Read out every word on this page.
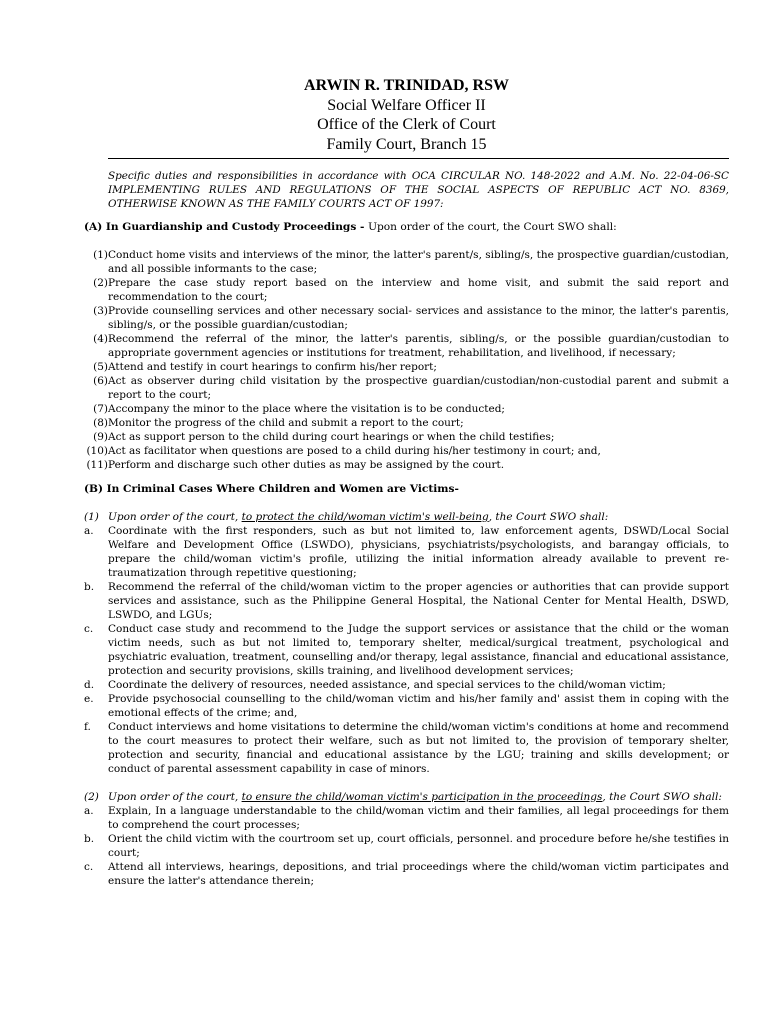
ARWIN R. TRINIDAD, RSW
Social Welfare Officer II
Office of the Clerk of Court
Family Court, Branch 15
Specific duties and responsibilities in accordance with OCA CIRCULAR NO. 148-2022 and A.M. No. 22-04-06-SC IMPLEMENTING RULES AND REGULATIONS OF THE SOCIAL ASPECTS OF REPUBLIC ACT NO. 8369, OTHERWISE KNOWN AS THE FAMILY COURTS ACT OF 1997:
(A) In Guardianship and Custody Proceedings - Upon order of the court, the Court SWO shall:
(1) Conduct home visits and interviews of the minor, the latter's parent/s, sibling/s, the prospective guardian/custodian, and all possible informants to the case;
(2) Prepare the case study report based on the interview and home visit, and submit the said report and recommendation to the court;
(3) Provide counselling services and other necessary social- services and assistance to the minor, the latter's parentis, sibling/s, or the possible guardian/custodian;
(4) Recommend the referral of the minor, the latter's parentis, sibling/s, or the possible guardian/custodian to appropriate government agencies or institutions for treatment, rehabilitation, and livelihood, if necessary;
(5) Attend and testify in court hearings to confirm his/her report;
(6) Act as observer during child visitation by the prospective guardian/custodian/non-custodial parent and submit a report to the court;
(7) Accompany the minor to the place where the visitation is to be conducted;
(8) Monitor the progress of the child and submit a report to the court;
(9) Act as support person to the child during court hearings or when the child testifies;
(10) Act as facilitator when questions are posed to a child during his/her testimony in court; and,
(11) Perform and discharge such other duties as may be assigned by the court.
(B) In Criminal Cases Where Children and Women are Victims-
(1) Upon order of the court, to protect the child/woman victim's well-being, the Court SWO shall:
a.	Coordinate with the first responders, such as but not limited to, law enforcement agents, DSWD/Local Social Welfare and Development Office (LSWDO), physicians, psychiatrists/psychologists, and barangay officials, to prepare the child/woman victim's profile, utilizing the initial information already available to prevent re-traumatization through repetitive questioning;
b.	Recommend the referral of the child/woman victim to the proper agencies or authorities that can provide support services and assistance, such as the Philippine General Hospital, the National Center for Mental Health, DSWD, LSWDO, and LGUs;
c.	Conduct case study and recommend to the Judge the support services or assistance that the child or the woman victim needs, such as but not limited to, temporary shelter, medical/surgical treatment, psychological and psychiatric evaluation, treatment, counselling and/or therapy, legal assistance, financial and educational assistance, protection and security provisions, skills training, and livelihood development services;
d.	Coordinate the delivery of resources, needed assistance, and special services to the child/woman victim;
e.	Provide psychosocial counselling to the child/woman victim and his/her family and' assist them in coping with the emotional effects of the crime; and,
f.	Conduct interviews and home visitations to determine the child/woman victim's conditions at home and recommend to the court measures to protect their welfare, such as but not limited to, the provision of temporary shelter, protection and security, financial and educational assistance by the LGU; training and skills development; or conduct of parental assessment capability in case of minors.
(2) Upon order of the court, to ensure the child/woman victim's participation in the proceedings, the Court SWO shall:
a.	Explain, In a language understandable to the child/woman victim and their families, all legal proceedings for them to comprehend the court processes;
b.	Orient the child victim with the courtroom set up, court officials, personnel. and procedure before he/she testifies in court;
c.	Attend all interviews, hearings, depositions, and trial proceedings where the child/woman victim participates and ensure the latter's attendance therein;
